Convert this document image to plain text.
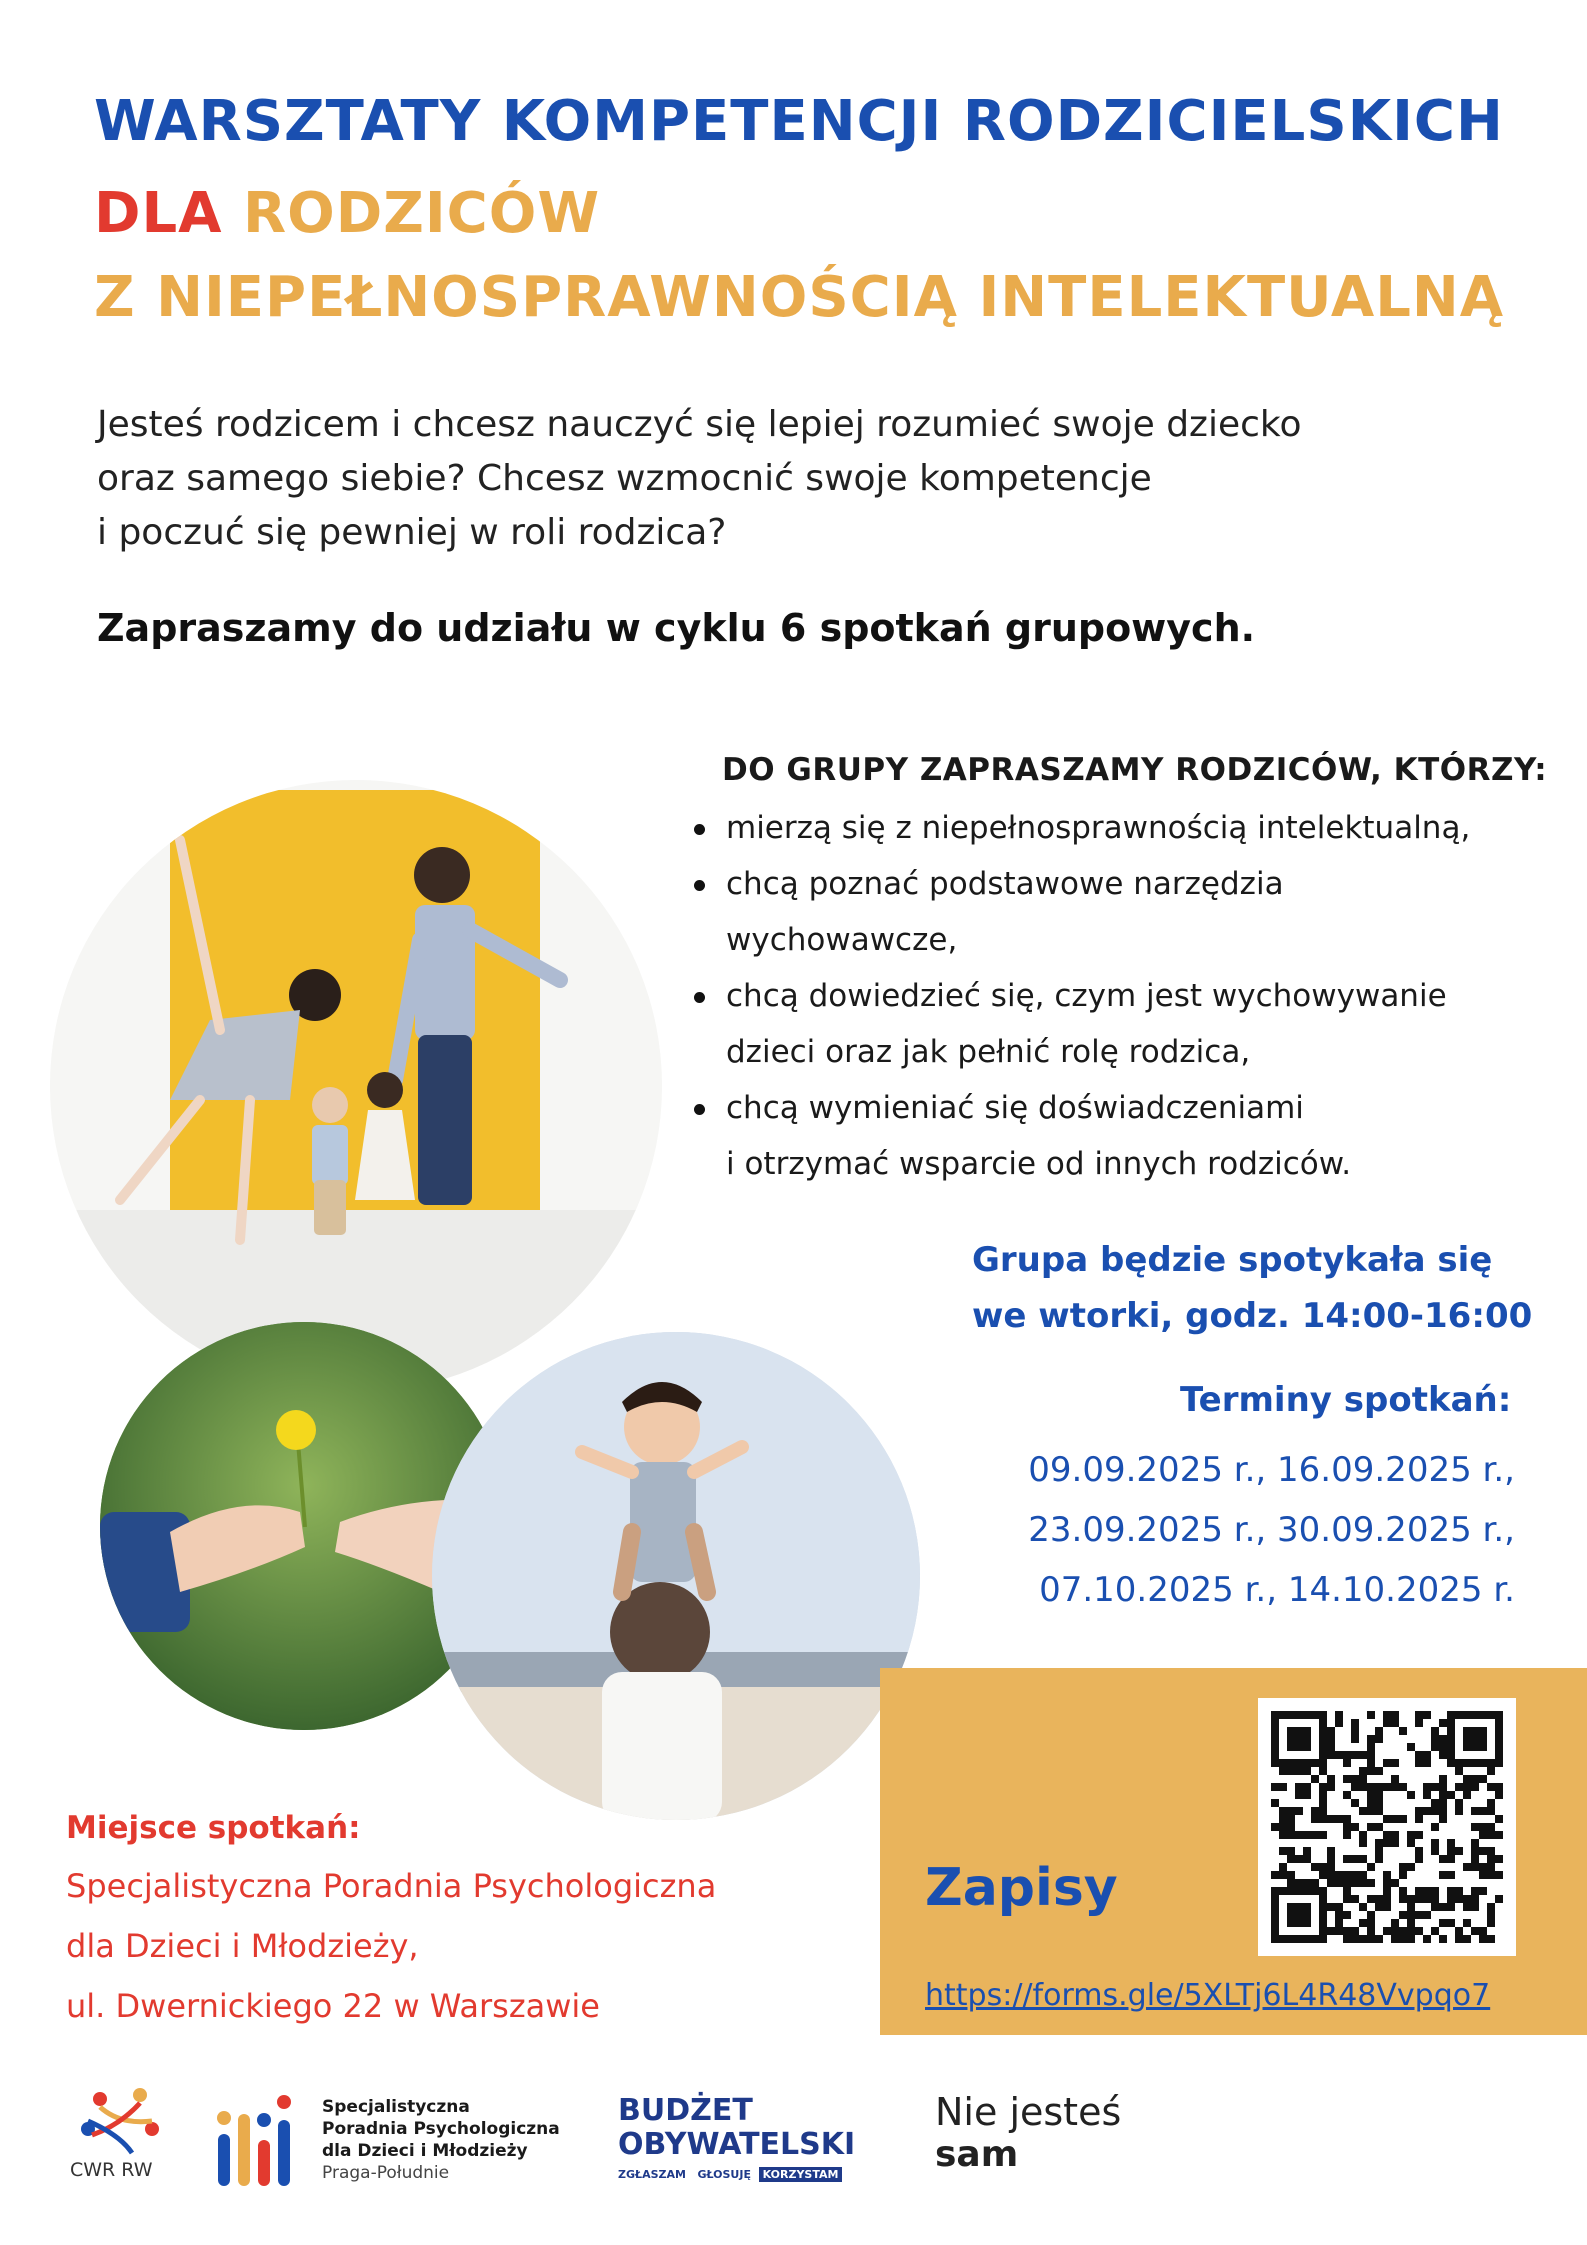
WARSZTATY KOMPETENCJI RODZICIELSKICH
DLA RODZICÓW
Z NIEPEŁNOSPRAWNOŚCIĄ INTELEKTUALNĄ
Jesteś rodzicem i chcesz nauczyć się lepiej rozumieć swoje dziecko
oraz samego siebie? Chcesz wzmocnić swoje kompetencje
i poczuć się pewniej w roli rodzica?
Zapraszamy do udziału w cyklu 6 spotkań grupowych.
DO GRUPY ZAPRASZAMY RODZICÓW, KTÓRZY:
mierzą się z niepełnosprawnością intelektualną,
chcą poznać podstawowe narzędzia
wychowawcze,
chcą dowiedzieć się, czym jest wychowywanie
dzieci oraz jak pełnić rolę rodzica,
chcą wymieniać się doświadczeniami
i otrzymać wsparcie od innych rodziców.
Grupa będzie spotykała się
we wtorki, godz. 14:00-16:00
Terminy spotkań:
09.09.2025 r., 16.09.2025 r.,
23.09.2025 r., 30.09.2025 r.,
07.10.2025 r., 14.10.2025 r.
Miejsce spotkań:
Specjalistyczna Poradnia Psychologiczna
dla Dzieci i Młodzieży,
ul. Dwernickiego 22 w Warszawie
Zapisy
https://forms.gle/5XLTj6L4R48Vvpqo7
CWR RW
Specjalistyczna
Poradnia Psychologiczna
dla Dzieci i Młodzieży
Praga-Południe
BUDŻET
OBYWATELSKI
ZGŁASZAM GŁOSUJĘ KORZYSTAM
Nie jesteś
sam
